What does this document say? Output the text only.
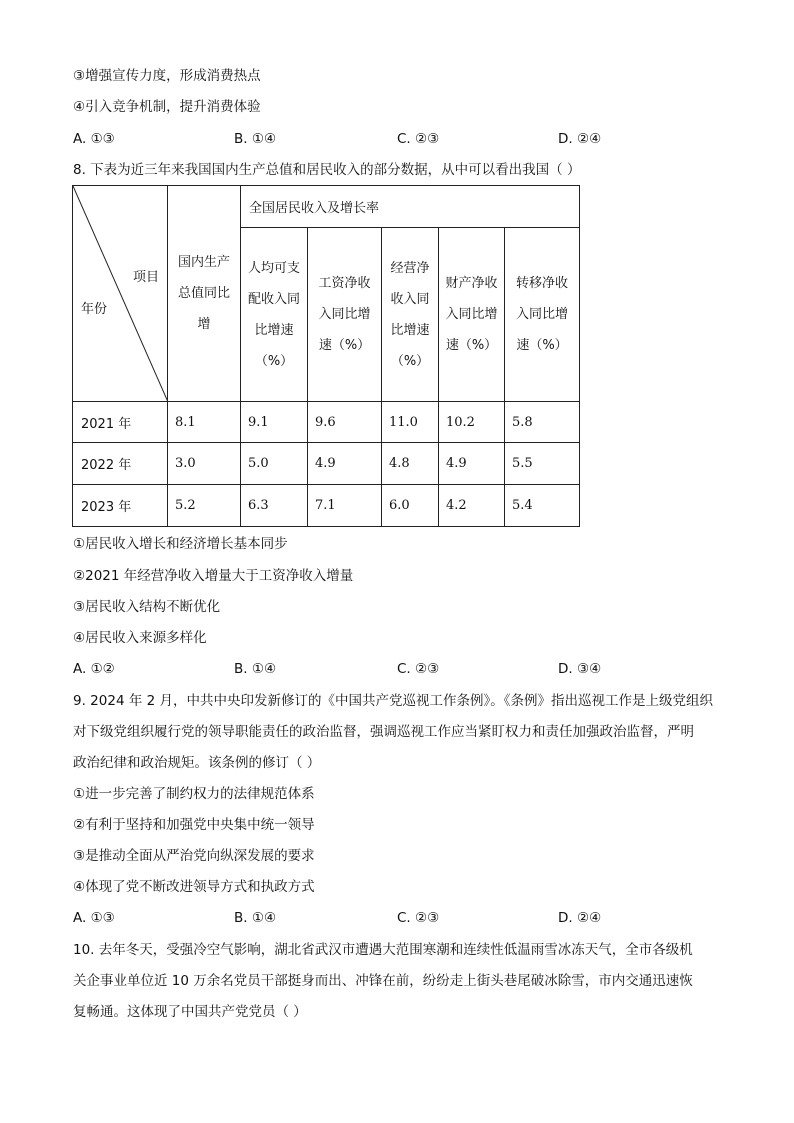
③增强宣传力度，形成消费热点
④引入竞争机制，提升消费体验
A. ①③	B. ①④	C. ②③	D. ②④
8. 下表为近三年来我国国内生产总值和居民收入的部分数据，从中可以看出我国（ ）
项目
年份	国内生产总值同比增	全国居民收入及增长率				
		人均可支配收入同比增速（%）	工资净收入同比增速（%）	经营净收入同比增速（%）	财产净收入同比增速（%）	转移净收入同比增速（%）
2021 年	8.1	9.1	9.6	11.0	10.2	5.8
2022 年	3.0	5.0	4.9	4.8	4.9	5.5
2023 年	5.2	6.3	7.1	6.0	4.2	5.4
①居民收入增长和经济增长基本同步
②2021 年经营净收入增量大于工资净收入增量
③居民收入结构不断优化
④居民收入来源多样化
A. ①②	B. ①④	C. ②③	D. ③④
9. 2024 年 2 月，中共中央印发新修订的《中国共产党巡视工作条例》。《条例》指出巡视工作是上级党组织
对下级党组织履行党的领导职能责任的政治监督，强调巡视工作应当紧盯权力和责任加强政治监督，严明
政治纪律和政治规矩。该条例的修订（ ）
①进一步完善了制约权力的法律规范体系
②有利于坚持和加强党中央集中统一领导
③是推动全面从严治党向纵深发展的要求
④体现了党不断改进领导方式和执政方式
A. ①③	B. ①④	C. ②③	D. ②④
10. 去年冬天，受强冷空气影响，湖北省武汉市遭遇大范围寒潮和连续性低温雨雪冰冻天气，全市各级机
关企事业单位近 10 万余名党员干部挺身而出、冲锋在前，纷纷走上街头巷尾破冰除雪，市内交通迅速恢
复畅通。这体现了中国共产党党员（ ）
